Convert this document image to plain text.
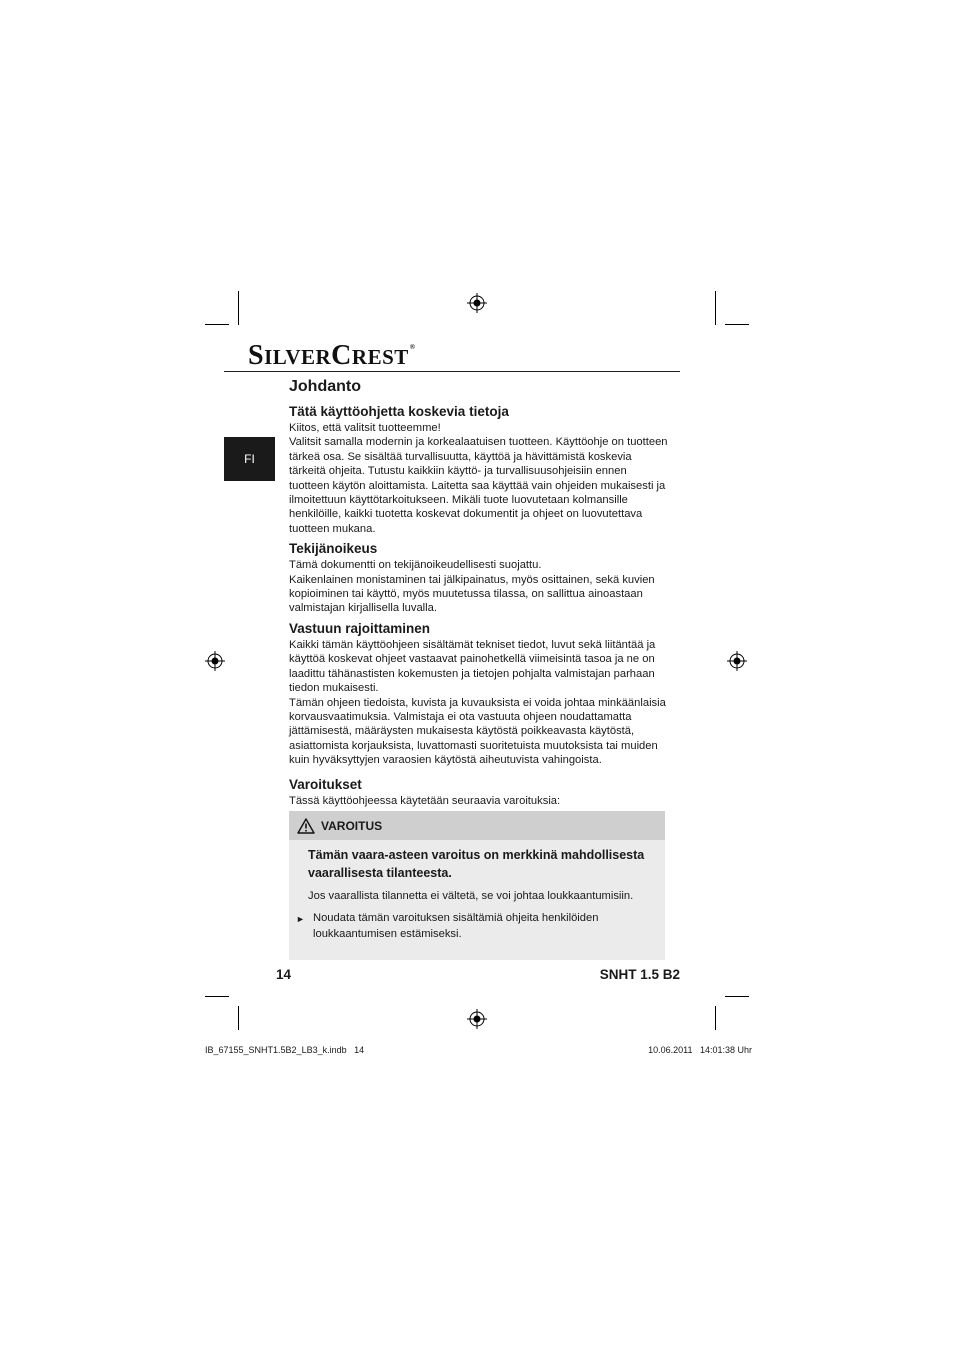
SILVERCREST®
FI
Johdanto
Tätä käyttöohjetta koskevia tietoja

Kiitos, että valitsit tuotteemme!

Valitsit samalla modernin ja korkealaatuisen tuotteen. Käyttöohje on tuotteen tärkeä osa. Se sisältää turvallisuutta, käyttöä ja hävittämistä koskevia tärkeitä ohjeita. Tutustu kaikkiin käyttö- ja turvallisuusohjeisiin ennen tuotteen käytön aloittamista. Laitetta saa käyttää vain ohjeiden mukaisesti ja ilmoitettuun käyttötarkoitukseen. Mikäli tuote luovutetaan kolmansille henkilöille, kaikki tuotetta koskevat dokumentit ja ohjeet on luovutettava tuotteen mukana.

Tekijänoikeus

Tämä dokumentti on tekijänoikeudellisesti suojattu.

Kaikenlainen monistaminen tai jälkipainatus, myös osittainen, sekä kuvien kopioiminen tai käyttö, myös muutetussa tilassa, on sallittua ainoastaan valmistajan kirjallisella luvalla.

Vastuun rajoittaminen

Kaikki tämän käyttöohjeen sisältämät tekniset tiedot, luvut sekä liitäntää ja käyttöä koskevat ohjeet vastaavat painohetkellä viimeisintä tasoa ja ne on laadittu tähänastisten kokemusten ja tietojen pohjalta valmistajan parhaan tiedon mukaisesti.

Tämän ohjeen tiedoista, kuvista ja kuvauksista ei voida johtaa minkäänlaisia korvausvaatimuksia. Valmistaja ei ota vastuuta ohjeen noudattamatta jättämisestä, määräysten mukaisesta käytöstä poikkeavasta käytöstä, asiattomista korjauksista, luvattomasti suoritetuista muutoksista tai muiden kuin hyväksyttyjen varaosien käytöstä aiheutuvista vahingoista.

Varoitukset

Tässä käyttöohjeessa käytetään seuraavia varoituksia:

VAROITUS
Tämän vaara-asteen varoitus on merkkinä mahdollisesta vaarallisesta tilanteesta.
Jos vaarallista tilannetta ei vältetä, se voi johtaa loukkaantumisiin.
► Noudata tämän varoituksen sisältämiä ohjeita henkilöiden loukkaantumisen estämiseksi.
14	SNHT 1.5 B2
IB_67155_SNHT1.5B2_LB3_k.indb   14	10.06.2011   14:01:38 Uhr
